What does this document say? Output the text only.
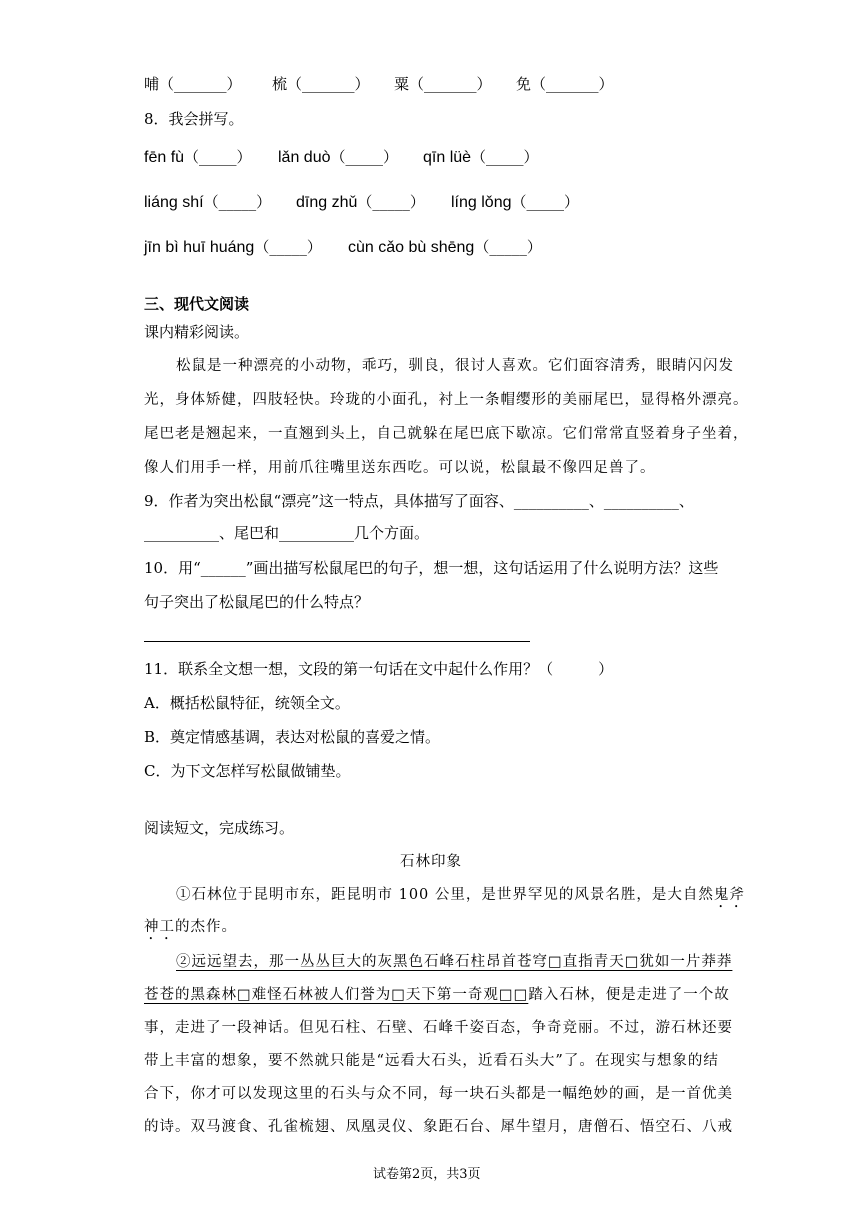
哺（_______） 梳（_______） 粟（_______） 免（_______）
8．我会拼写。
fēn fù（_____） lǎn duò（_____） qīn lüè（_____）
liáng shí（_____） dīng zhǔ（_____） líng lǒng（_____）
jīn bì huī huáng（_____） cùn cǎo bù shēng（_____）
三、现代文阅读
课内精彩阅读。
松鼠是一种漂亮的小动物，乖巧，驯良，很讨人喜欢。它们面容清秀，眼睛闪闪发
光，身体矫健，四肢轻快。玲珑的小面孔，衬上一条帽缨形的美丽尾巴，显得格外漂亮。
尾巴老是翘起来，一直翘到头上，自己就躲在尾巴底下歇凉。它们常常直竖着身子坐着，
像人们用手一样，用前爪往嘴里送东西吃。可以说，松鼠最不像四足兽了。
9．作者为突出松鼠“漂亮”这一特点，具体描写了面容、__________、__________、
__________、尾巴和__________几个方面。
10．用“______”画出描写松鼠尾巴的句子，想一想，这句话运用了什么说明方法？这些
句子突出了松鼠尾巴的什么特点？
11．联系全文想一想，文段的第一句话在文中起什么作用？（　　　）
A．概括松鼠特征，统领全文。
B．奠定情感基调，表达对松鼠的喜爱之情。
C．为下文怎样写松鼠做铺垫。
阅读短文，完成练习。
石林印象
①石林位于昆明市东，距昆明市 100 公里，是世界罕见的风景名胜，是大自然鬼斧
神工的杰作。
②远远望去，那一丛丛巨大的灰黑色石峰石柱昂首苍穹□直指青天□犹如一片莽莽
苍苍的黑森林□难怪石林被人们誉为□天下第一奇观□□踏入石林，便是走进了一个故
事，走进了一段神话。但见石柱、石壁、石峰千姿百态，争奇竞丽。不过，游石林还要
带上丰富的想象，要不然就只能是“远看大石头，近看石头大”了。在现实与想象的结
合下，你才可以发现这里的石头与众不同，每一块石头都是一幅绝妙的画，是一首优美
的诗。双马渡食、孔雀梳翅、凤凰灵仪、象距石台、犀牛望月，唐僧石、悟空石、八戒
试卷第2页，共3页
